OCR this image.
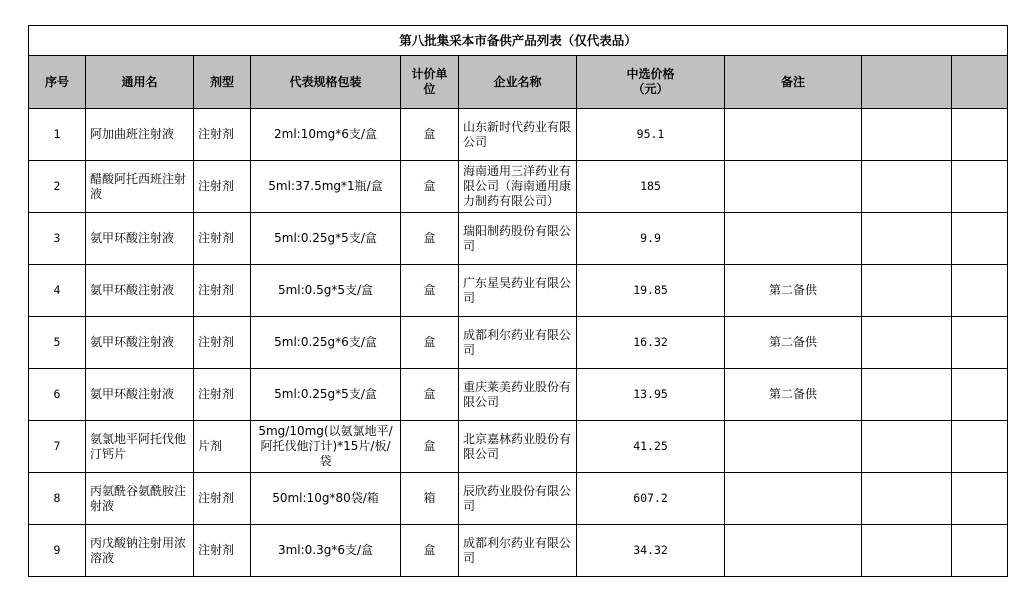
第八批集采本市备供产品列表（仅代表品）									
序号	通用名	剂型	代表规格包装	计价单位	企业名称	中选价格（元）	备注		

1	阿加曲班注射液	注射剂	2ml:10mg*6支/盒	盒	山东新时代药业有限公司	95.1			

2	醋酸阿托西班注射液	注射剂	5ml:37.5mg*1瓶/盒	盒	海南通用三洋药业有限公司（海南通用康力制药有限公司）	185			

3	氨甲环酸注射液	注射剂	5ml:0.25g*5支/盒	盒	瑞阳制药股份有限公司	9.9			

4	氨甲环酸注射液	注射剂	5ml:0.5g*5支/盒	盒	广东星昊药业有限公司	19.85	第二备供		

5	氨甲环酸注射液	注射剂	5ml:0.25g*6支/盒	盒	成都利尔药业有限公司	16.32	第二备供		

6	氨甲环酸注射液	注射剂	5ml:0.25g*5支/盒	盒	重庆莱美药业股份有限公司	13.95	第二备供		

7	氨氯地平阿托伐他汀钙片	片剂	5mg/10mg(以氨氯地平/阿托伐他汀计)*15片/板/袋	盒	北京嘉林药业股份有限公司	41.25			

8	丙氨酰谷氨酰胺注射液	注射剂	50ml:10g*80袋/箱	箱	辰欣药业股份有限公司	607.2			

9	丙戊酸钠注射用浓溶液	注射剂	3ml:0.3g*6支/盒	盒	成都利尔药业有限公司	34.32			
